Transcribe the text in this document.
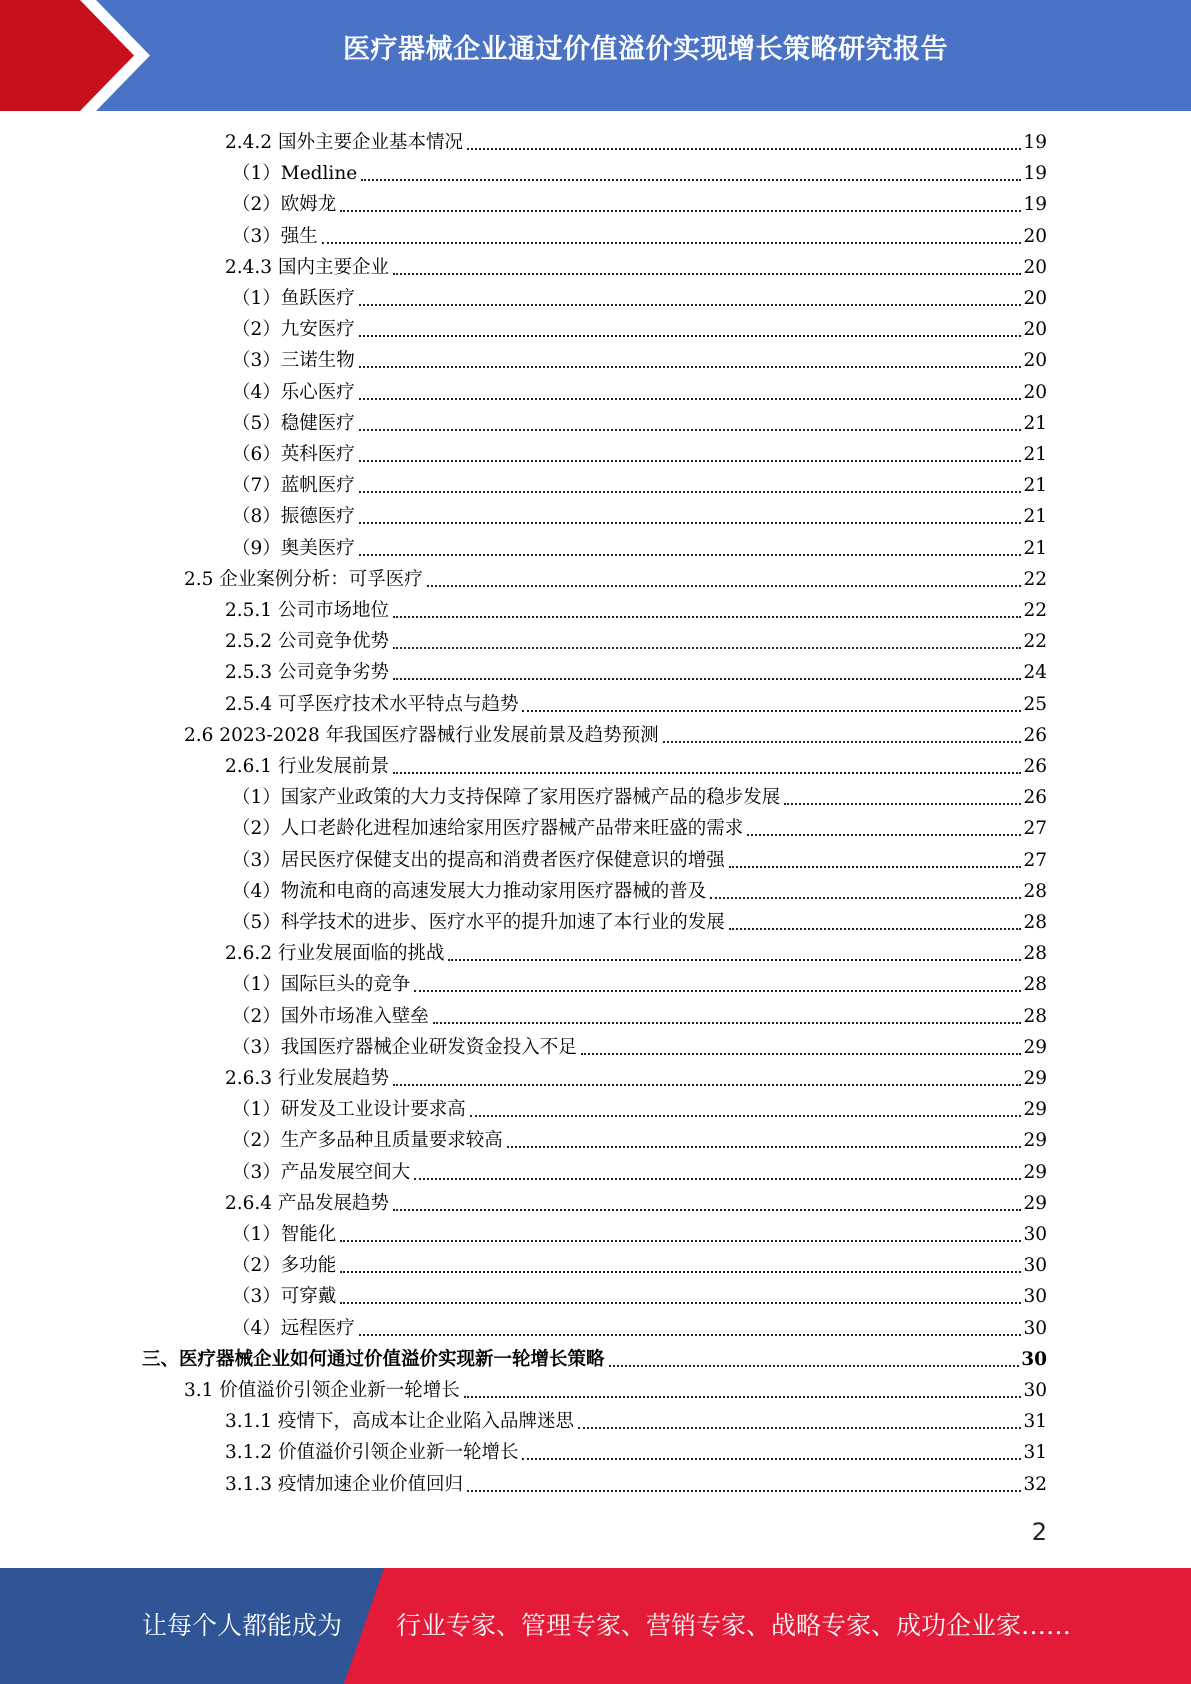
医疗器械企业通过价值溢价实现增长策略研究报告
2.4.2 国外主要企业基本情况	19
（1）Medline	19
（2）欧姆龙	19
（3）强生	20
2.4.3 国内主要企业	20
（1）鱼跃医疗	20
（2）九安医疗	20
（3）三诺生物	20
（4）乐心医疗	20
（5）稳健医疗	21
（6）英科医疗	21
（7）蓝帆医疗	21
（8）振德医疗	21
（9）奥美医疗	21
2.5 企业案例分析：可孚医疗	22
2.5.1 公司市场地位	22
2.5.2 公司竞争优势	22
2.5.3 公司竞争劣势	24
2.5.4 可孚医疗技术水平特点与趋势	25
2.6 2023-2028 年我国医疗器械行业发展前景及趋势预测	26
2.6.1 行业发展前景	26
（1）国家产业政策的大力支持保障了家用医疗器械产品的稳步发展	26
（2）人口老龄化进程加速给家用医疗器械产品带来旺盛的需求	27
（3）居民医疗保健支出的提高和消费者医疗保健意识的增强	27
（4）物流和电商的高速发展大力推动家用医疗器械的普及	28
（5）科学技术的进步、医疗水平的提升加速了本行业的发展	28
2.6.2 行业发展面临的挑战	28
（1）国际巨头的竞争	28
（2）国外市场准入壁垒	28
（3）我国医疗器械企业研发资金投入不足	29
2.6.3 行业发展趋势	29
（1）研发及工业设计要求高	29
（2）生产多品种且质量要求较高	29
（3）产品发展空间大	29
2.6.4 产品发展趋势	29
（1）智能化	30
（2）多功能	30
（3）可穿戴	30
（4）远程医疗	30
三、医疗器械企业如何通过价值溢价实现新一轮增长策略	30
3.1 价值溢价引领企业新一轮增长	30
3.1.1 疫情下，高成本让企业陷入品牌迷思	31
3.1.2 价值溢价引领企业新一轮增长	31
3.1.3 疫情加速企业价值回归	32
2
让每个人都能成为 行业专家、管理专家、营销专家、战略专家、成功企业家……
